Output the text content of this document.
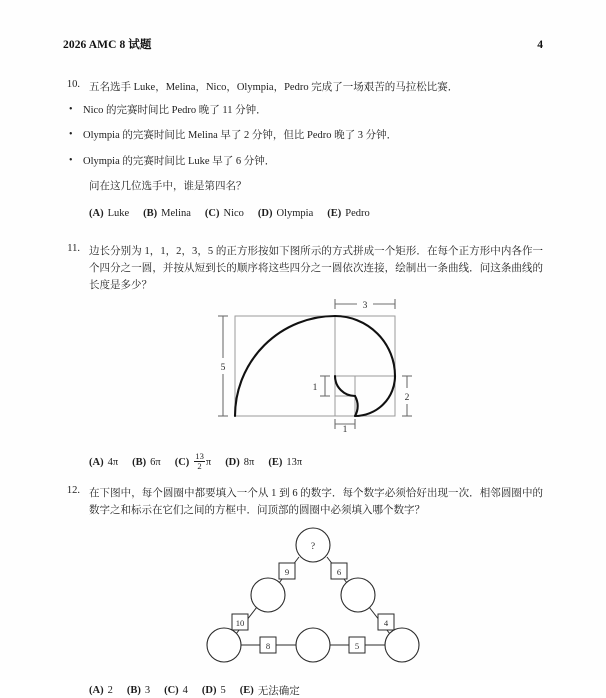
2026 AMC 8 试题	4
10. 五名选手 Luke，Melina，Nico，Olympia，Pedro 完成了一场艰苦的马拉松比赛．
• Nico 的完赛时间比 Pedro 晚了 11 分钟．
• Olympia 的完赛时间比 Melina 早了 2 分钟，但比 Pedro 晚了 3 分钟．
• Olympia 的完赛时间比 Luke 早了 6 分钟．
问在这几位选手中，谁是第四名？
(A) Luke (B) Melina (C) Nico (D) Olympia (E) Pedro
11. 边长分别为 1，1，2，3，5 的正方形按如下图所示的方式拼成一个矩形．在每个正方形中内各作一个四分之一圆，并按从短到长的顺序将这些四分之一圆依次连接，绘制出一条曲线．问这条曲线的长度是多少？
5
3
2
1
1
(A) 4π (B) 6π $(C) \frac{13}{2}$ π (D) 8π (E) 13π
12. 在下图中，每个圆圈中都要填入一个从 1 到 6 的数字．每个数字必须恰好出现一次．相邻圆圈中的数字之和标示在它们之间的方框中．问顶部的圆圈中必须填入哪个数字？
?
9	6
10	4
8	5
(A) 2 (B) 3 (C) 4 (D) 5 (E) 无法确定
